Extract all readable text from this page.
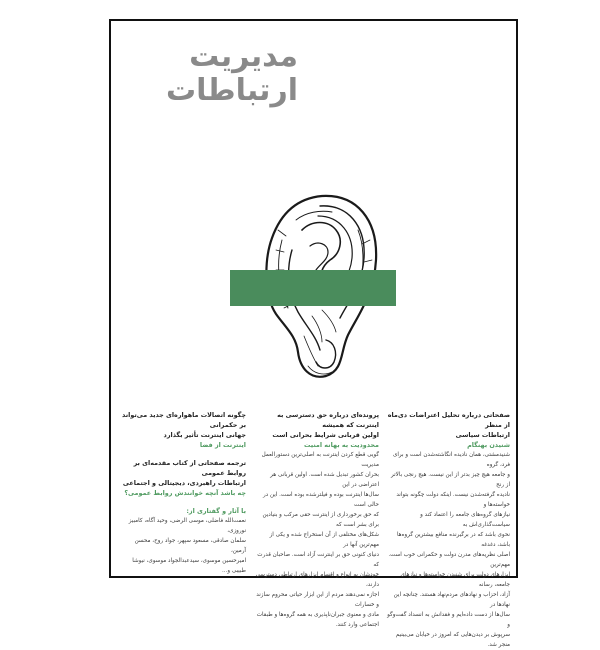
مدیریت
ارتباطات

صفحاتی درباره تحلیل اعتراضات دی‌ماه از منظر

ارتباطات سیاسی

شنیدن بهنگام

شنیدمشتی، همان نادیده انگاشته‌شدن است و برای فرد، گروه

و جامعه هیچ چیز بدتر از این نیست. هیچ رنجی بالاتر از رنج

نادیده گرفته‌شدن نیست. اینکه دولت چگونه بتواند خواسته‌ها و

نیازهای گروه‌های جامعه را اعتماد کند و سیاست‌گذاری‌اش به

نحوی باشد که در برگیرنده منافع بیشترین گروه‌ها باشد، دغدغه

اصلی نظریه‌های مدرن دولت و حکمرانی خوب است. مهم‌ترین

ابزارهای دولت برای شنیدن خواسته‌ها و نیازهای جامعه، رسانه

آزاد، احزاب و نهادهای مردم‌نهاد هستند. چنانچه این نهادها در

سال‌ها از دست داده‌ایم و فقدانش به انسداد گفت‌وگو و

سرپوش بر دیدن‌هایی که امروز در خیابان می‌بینیم منجر شد.

پرونده‌ای درباره حق دسترسی به اینترنت که همیشه

اولین قربانی شرایط بحرانی است

محدودیت به بهانه امنیت

گویی قطع کردن اینترنت به اصلی‌ترین دستورالعمل مدیریت

بحران کشور تبدیل شده است. اولین قربانی هر اعتراضی در این

سال‌ها اینترنت بوده و فیلترشده بوده است. این در حالی است

که حق برخورداری از اینترنت حقی مرکب و بنیادین برای بشر است که

شکل‌های مختلفی از آن استخراج شده و یکی از مهم‌ترین آنها در

دنیای کنونی حق بر اینترنت آزاد است. صاحبان قدرت که

خودشان به انواع و اقسام ابزارهای ارتباطی دسترسی دارند،

اجازه نمی‌دهند مردم از این ابزار حیاتی محروم سازند و خسارات

مادی و معنوی جبران‌ناپذیری به همه گروه‌ها و طبقات

اجتماعی وارد کنند.

چگونه اتصالات ماهواره‌ای جدید می‌تواند بر حکمرانی

جهانی اینترنت تأثیر بگذارد

اینترنت از فضا

ترجمه صفحاتی از کتاب مقدمه‌ای بر روابط عمومی

ارتباطات راهبردی، دیجیتالی و اجتماعی

چه باشد آنچه خوانندش روابط عمومی؟

با آثار و گفتاری از:

نعمت‌الله فاضلی، موسی الرضی، وحید آگاه، کامبیز نوروزی،

سلمان صادقی، مسعود سپهر، جواد روح، محسن آرمین،

امیرحسین موسوی، سیدعبدالجواد موسوی، نیوشا طبیبی و...
